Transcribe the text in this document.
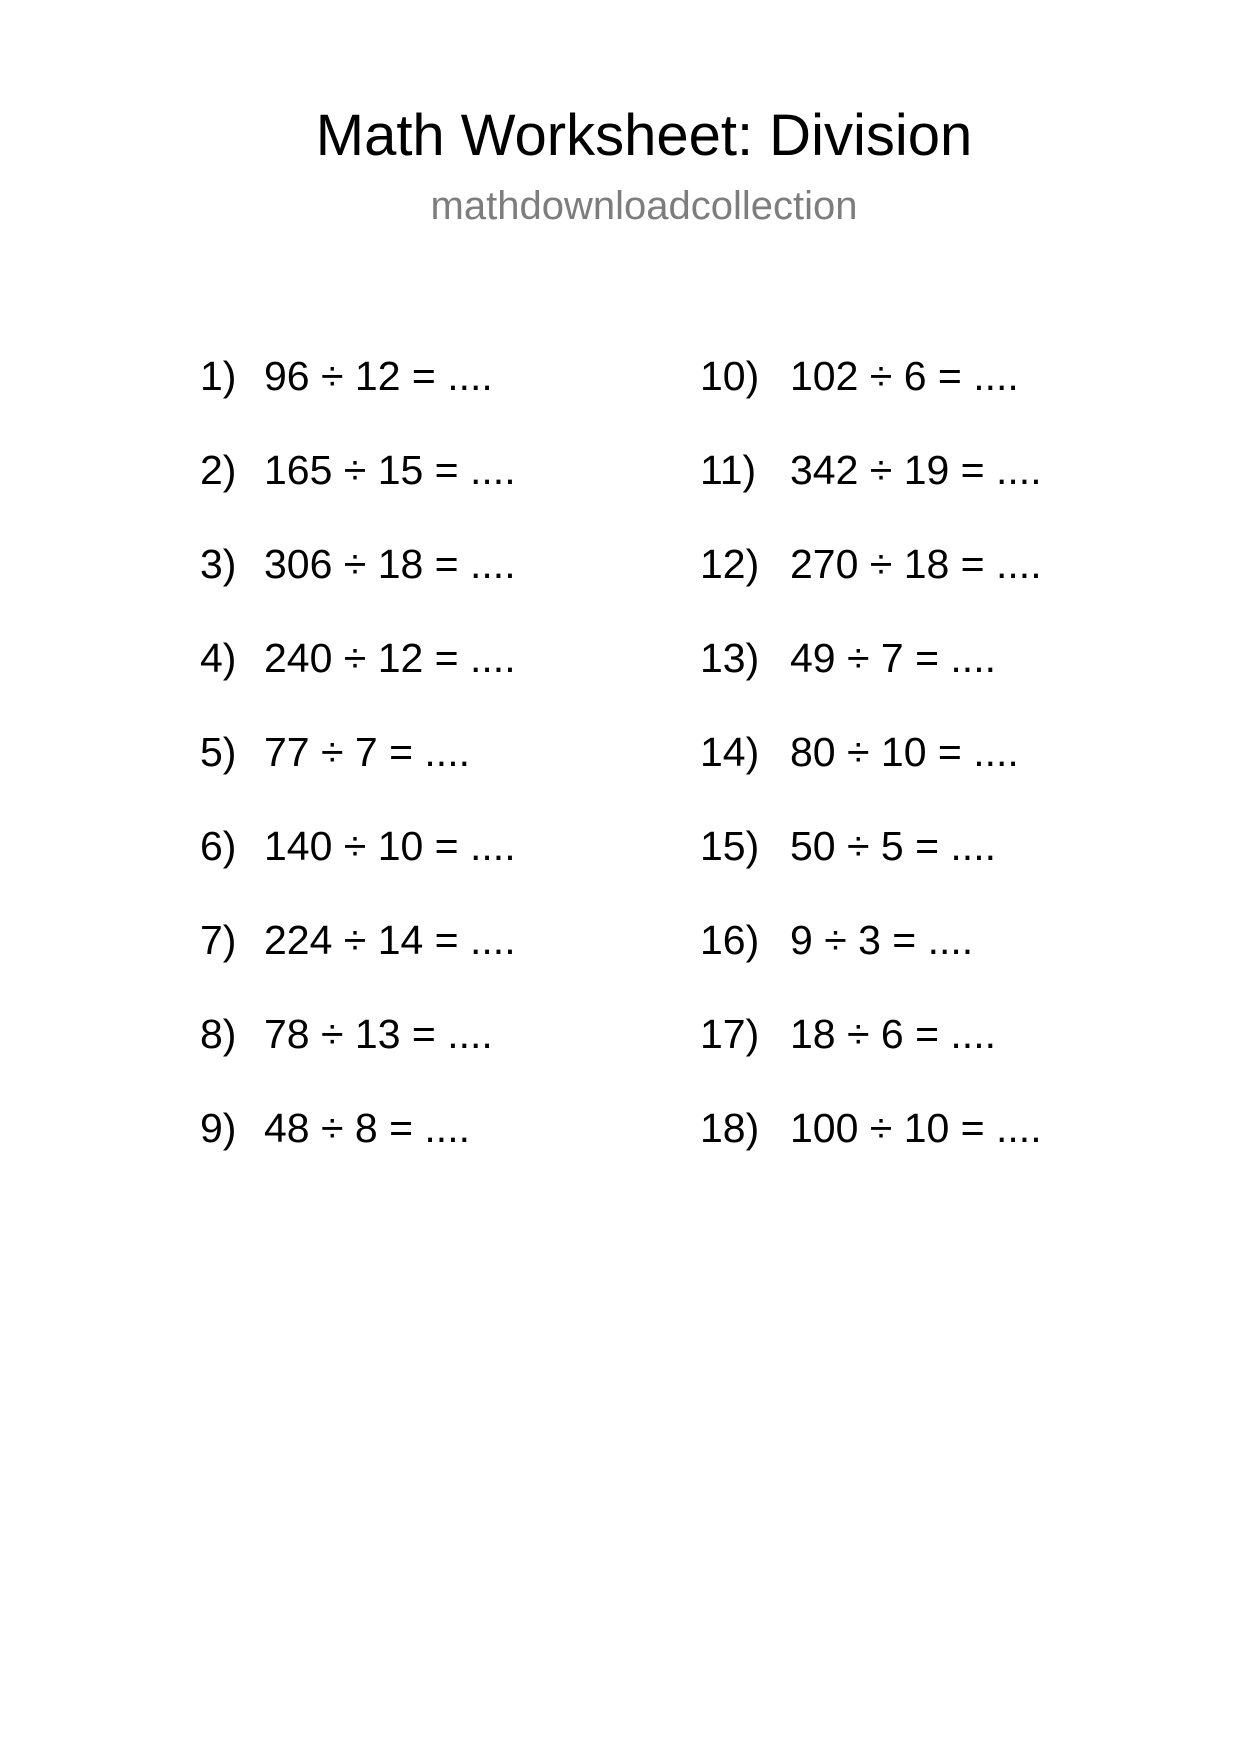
Math Worksheet: Division
mathdownloadcollection
1) 96 ÷ 12 = ....
2) 165 ÷ 15 = ....
3) 306 ÷ 18 = ....
4) 240 ÷ 12 = ....
5) 77 ÷ 7 = ....
6) 140 ÷ 10 = ....
7) 224 ÷ 14 = ....
8) 78 ÷ 13 = ....
9) 48 ÷ 8 = ....
10) 102 ÷ 6 = ....
11) 342 ÷ 19 = ....
12) 270 ÷ 18 = ....
13) 49 ÷ 7 = ....
14) 80 ÷ 10 = ....
15) 50 ÷ 5 = ....
16) 9 ÷ 3 = ....
17) 18 ÷ 6 = ....
18) 100 ÷ 10 = ....
